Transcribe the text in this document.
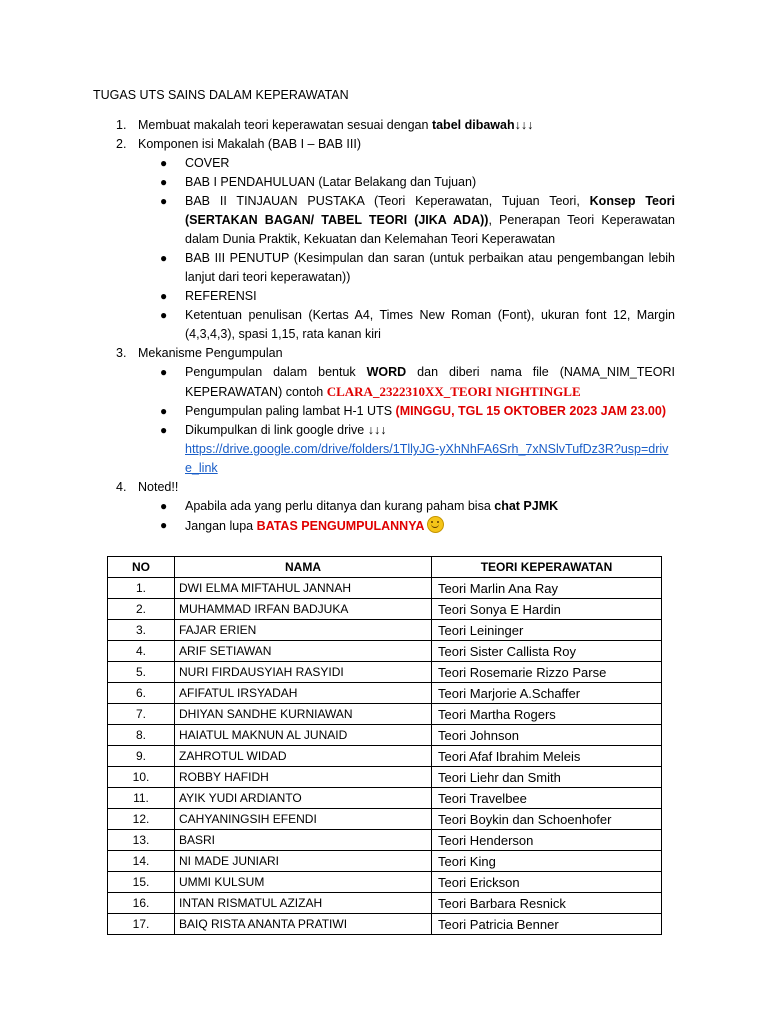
TUGAS UTS SAINS DALAM KEPERAWATAN
1. Membuat makalah teori keperawatan sesuai dengan tabel dibawah↓↓↓
2. Komponen isi Makalah (BAB I – BAB III)
● COVER
● BAB I PENDAHULUAN (Latar Belakang dan Tujuan)
● BAB II TINJAUAN PUSTAKA (Teori Keperawatan, Tujuan Teori, Konsep Teori (SERTAKAN BAGAN/ TABEL TEORI (JIKA ADA)), Penerapan Teori Keperawatan dalam Dunia Praktik, Kekuatan dan Kelemahan Teori Keperawatan
● BAB III PENUTUP (Kesimpulan dan saran (untuk perbaikan atau pengembangan lebih lanjut dari teori keperawatan))
● REFERENSI
● Ketentuan penulisan (Kertas A4, Times New Roman (Font), ukuran font 12, Margin (4,3,4,3), spasi 1,15, rata kanan kiri
3. Mekanisme Pengumpulan
● Pengumpulan dalam bentuk WORD dan diberi nama file (NAMA_NIM_TEORI KEPERAWATAN) contoh CLARA_2322310XX_TEORI NIGHTINGLE
● Pengumpulan paling lambat H-1 UTS (MINGGU, TGL 15 OKTOBER 2023 JAM 23.00)
● Dikumpulkan di link google drive ↓↓↓
https://drive.google.com/drive/folders/1TllyJG-yXhNhFA6Srh_7xNSlvTufDz3R?usp=drive_link
4. Noted!!
● Apabila ada yang perlu ditanya dan kurang paham bisa chat PJMK
● Jangan lupa BATAS PENGUMPULANNYA
NO	NAMA	TEORI KEPERAWATAN
1.	DWI ELMA MIFTAHUL JANNAH	Teori Marlin Ana Ray
2.	MUHAMMAD IRFAN BADJUKA	Teori Sonya E Hardin
3.	FAJAR ERIEN	Teori Leininger
4.	ARIF SETIAWAN	Teori Sister Callista Roy
5.	NURI FIRDAUSYIAH RASYIDI	Teori Rosemarie Rizzo Parse
6.	AFIFATUL IRSYADAH	Teori Marjorie A.Schaffer
7.	DHIYAN SANDHE KURNIAWAN	Teori Martha Rogers
8.	HAIATUL MAKNUN AL JUNAID	Teori Johnson
9.	ZAHROTUL WIDAD	Teori Afaf Ibrahim Meleis
10.	ROBBY HAFIDH	Teori Liehr dan Smith
11.	AYIK YUDI ARDIANTO	Teori Travelbee
12.	CAHYANINGSIH EFENDI	Teori Boykin dan Schoenhofer
13.	BASRI	Teori Henderson
14.	NI MADE JUNIARI	Teori King
15.	UMMI KULSUM	Teori Erickson
16.	INTAN RISMATUL AZIZAH	Teori Barbara Resnick
17.	BAIQ RISTA ANANTA PRATIWI	Teori Patricia Benner
